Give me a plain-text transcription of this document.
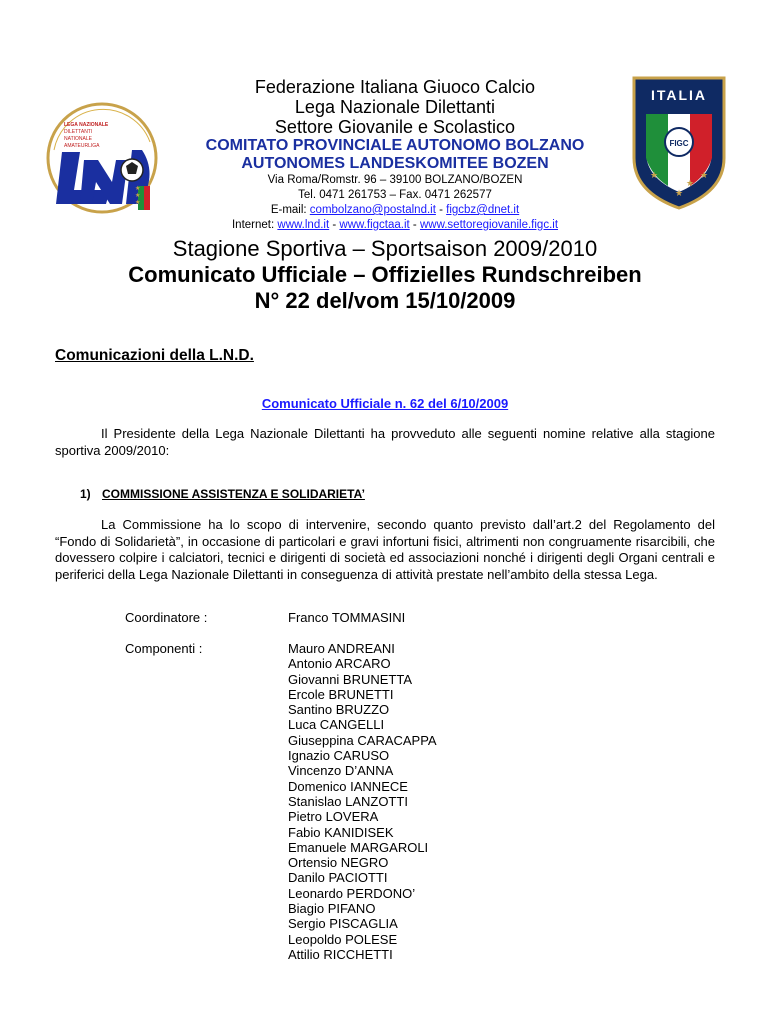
LEGA NAZIONALE
DILETTANTI
NATIONALE
AMATEURLIGA
★
★
★
ITALIA
FIGC
★	★
★
★
Federazione Italiana Giuoco Calcio
Lega Nazionale Dilettanti
Settore Giovanile e Scolastico
COMITATO PROVINCIALE AUTONOMO BOLZANO
AUTONOMES LANDESKOMITEE BOZEN
Via Roma/Romstr. 96 – 39100 BOLZANO/BOZEN
Tel. 0471 261753 – Fax. 0471 262577
E-mail: combolzano@postalnd.it - figcbz@dnet.it
Internet: www.lnd.it - www.figctaa.it - www.settoregiovanile.figc.it
Stagione Sportiva – Sportsaison 2009/2010
Comunicato Ufficiale – Offizielles Rundschreiben
N° 22 del/vom 15/10/2009
Comunicazioni della L.N.D.
Comunicato Ufficiale n. 62 del 6/10/2009
Il Presidente della Lega Nazionale Dilettanti ha provveduto alle seguenti nomine relative alla stagione sportiva 2009/2010:
1) COMMISSIONE ASSISTENZA E SOLIDARIETA’
La Commissione ha lo scopo di intervenire, secondo quanto previsto dall’art.2 del Regolamento del “Fondo di Solidarietà”, in occasione di particolari e gravi infortuni fisici, altrimenti non congruamente risarcibili, che dovessero colpire i calciatori, tecnici e dirigenti di società ed associazioni nonché i dirigenti degli Organi centrali e periferici della Lega Nazionale Dilettanti in conseguenza di attività prestate nell’ambito della stessa Lega.
Coordinatore :	Franco TOMMASINI
Componenti :	Mauro ANDREANI
Antonio ARCARO
Giovanni BRUNETTA
Ercole BRUNETTI
Santino BRUZZO
Luca CANGELLI
Giuseppina CARACAPPA
Ignazio CARUSO
Vincenzo D’ANNA
Domenico IANNECE
Stanislao LANZOTTI
Pietro LOVERA
Fabio KANIDISEK
Emanuele MARGAROLI
Ortensio NEGRO
Danilo PACIOTTI
Leonardo PERDONO’
Biagio PIFANO
Sergio PISCAGLIA
Leopoldo POLESE
Attilio RICCHETTI
